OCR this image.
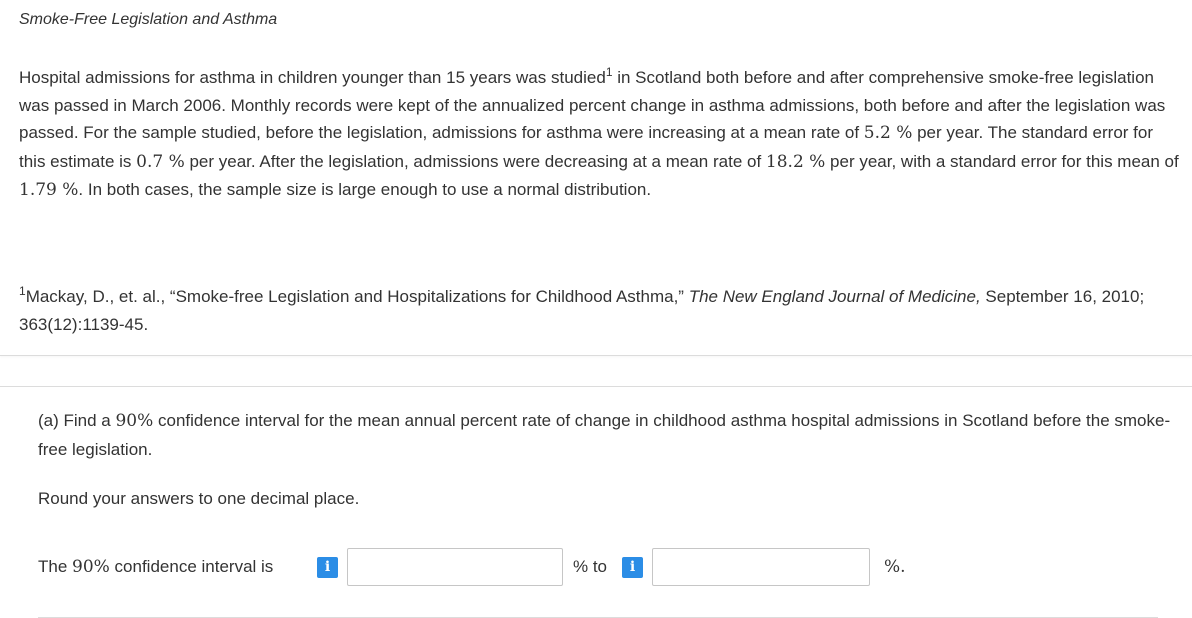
Smoke-Free Legislation and Asthma
Hospital admissions for asthma in children younger than 15 years was studied$^1$ in Scotland both before and after comprehensive smoke-free legislation was passed in March 2006. Monthly records were kept of the annualized percent change in asthma admissions, both before and after the legislation was passed. For the sample studied, before the legislation, admissions for asthma were increasing at a mean rate of 5.2 % per year. The standard error for this estimate is 0.7 % per year. After the legislation, admissions were decreasing at a mean rate of 18.2 % per year, with a standard error for this mean of 1.79 %. In both cases, the sample size is large enough to use a normal distribution.
$^1$Mackay, D., et. al., “Smoke-free Legislation and Hospitalizations for Childhood Asthma,” The New England Journal of Medicine, September 16, 2010; 363(12):1139-45.
(a) Find a 90% confidence interval for the mean annual percent rate of change in childhood asthma hospital admissions in Scotland before the smoke-free legislation.
Round your answers to one decimal place.
The 90% confidence interval is	i	% to	i	%.
